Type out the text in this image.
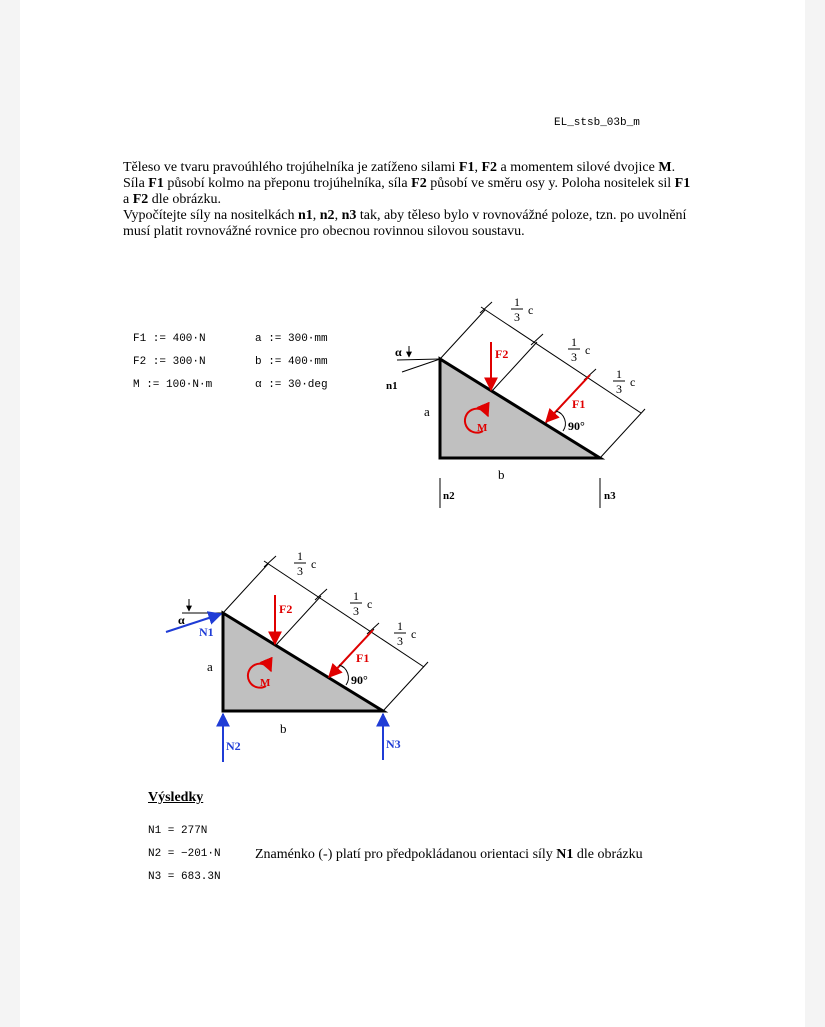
EL_stsb_03b_m

Těleso ve tvaru pravoúhlého trojúhelníka je zatíženo silami F1, F2 a momentem silové dvojice M. Síla F1 působí kolmo na přeponu trojúhelníka, síla F2 působí ve směru osy y. Poloha nositelek sil F1 a F2 dle obrázku.
Vypočítejte síly na nositelkách n1, n2, n3 tak, aby těleso bylo v rovnovážné poloze, tzn. po uvolnění musí platit rovnovážné rovnice pro obecnou rovinnou silovou soustavu.

F1 := 400·N
F2 := 300·N
M := 100·N·m
a := 300·mm
b := 400·mm
α := 30·deg
1
3 c
1
3 c
1
3 c
α
n1
n2	n3
a
b
F2
F1
90°
M
1
3 c
1
3 c
1
3 c
α
N1
N2	N3
a
b
F2
F1
90°
M
Výsledky
N1 = 277N
N2 = −201·N
N3 = 683.3N
Znaménko (-) platí pro předpokládanou orientaci síly N1 dle obrázku
